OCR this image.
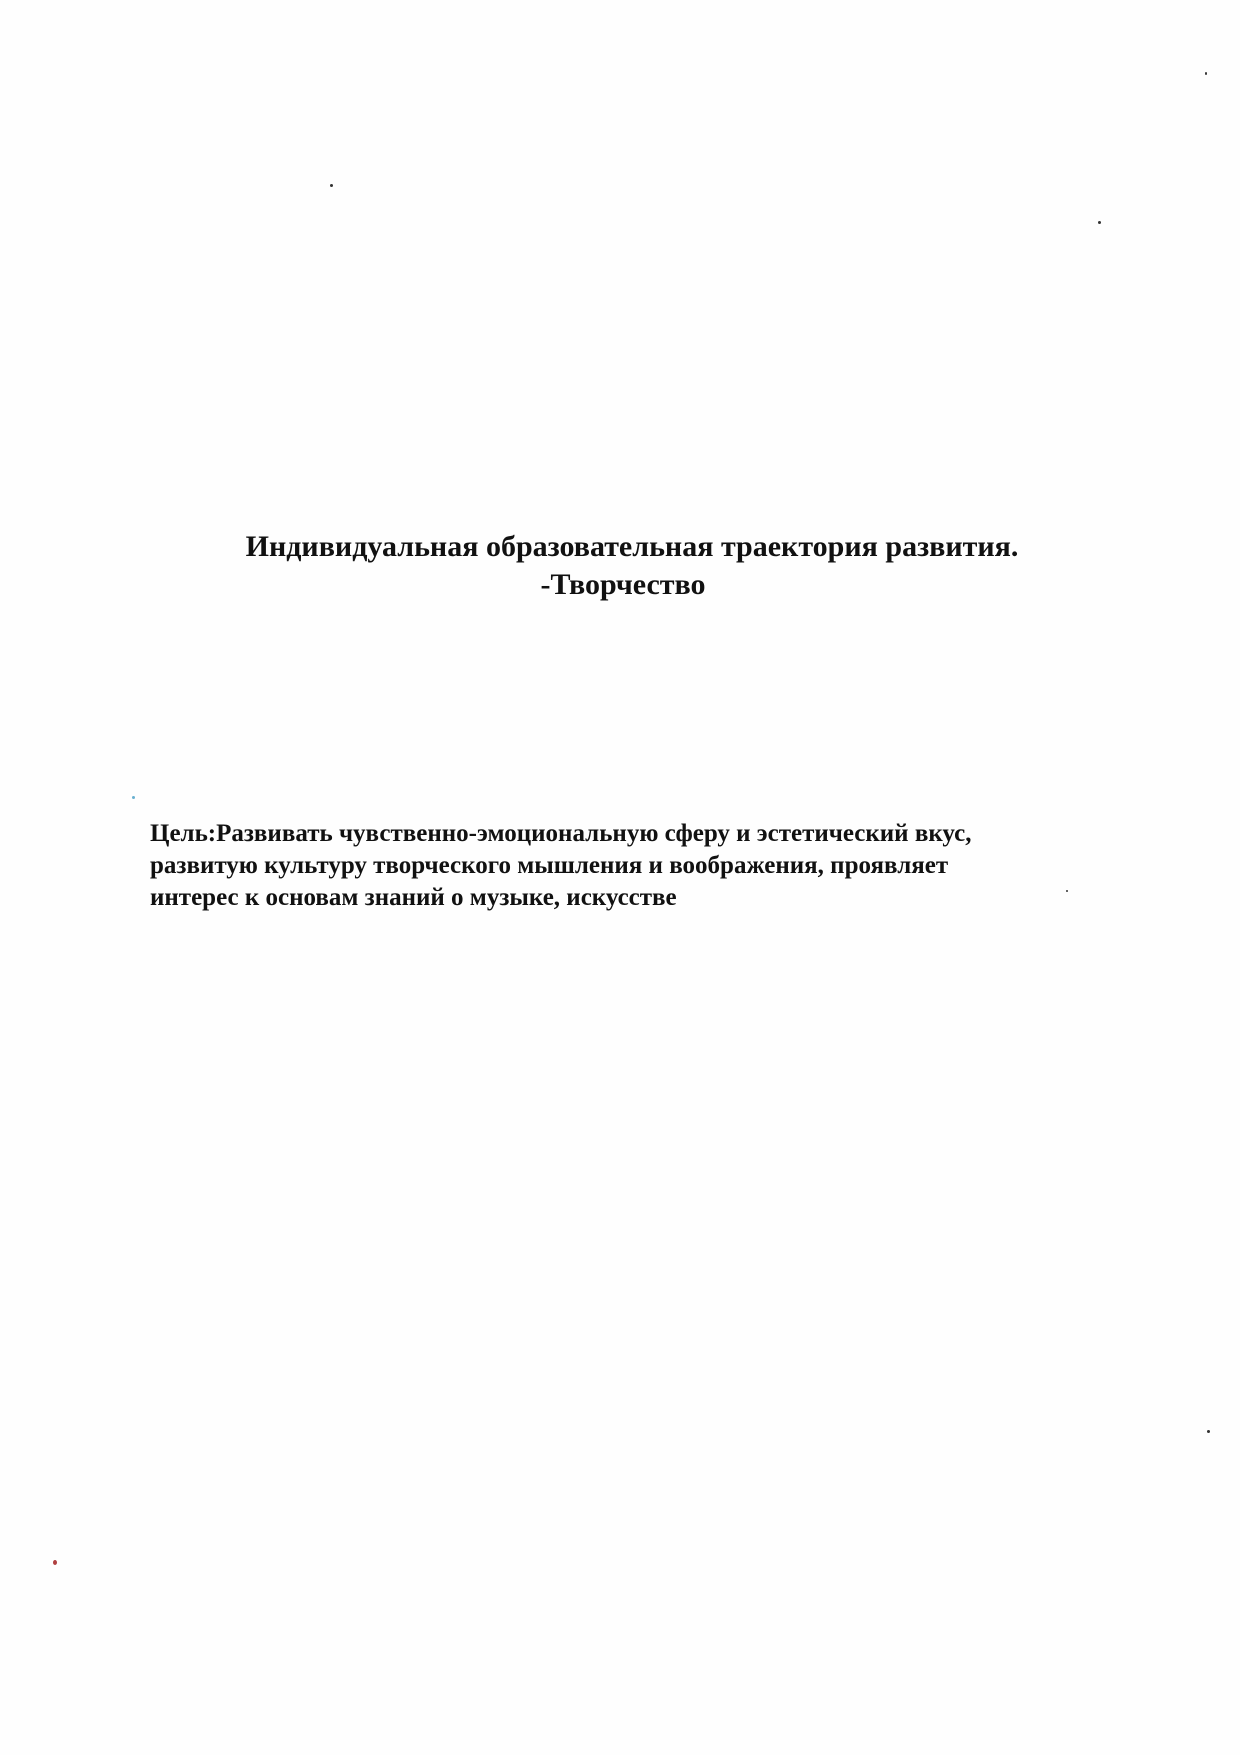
Индивидуальная образовательная траектория развития.
-Творчество
Цель:Развивать чувственно-эмоциональную сферу и эстетический вкус,
развитую культуру творческого мышления и воображения, проявляет
интерес к основам знаний о музыке, искусстве
